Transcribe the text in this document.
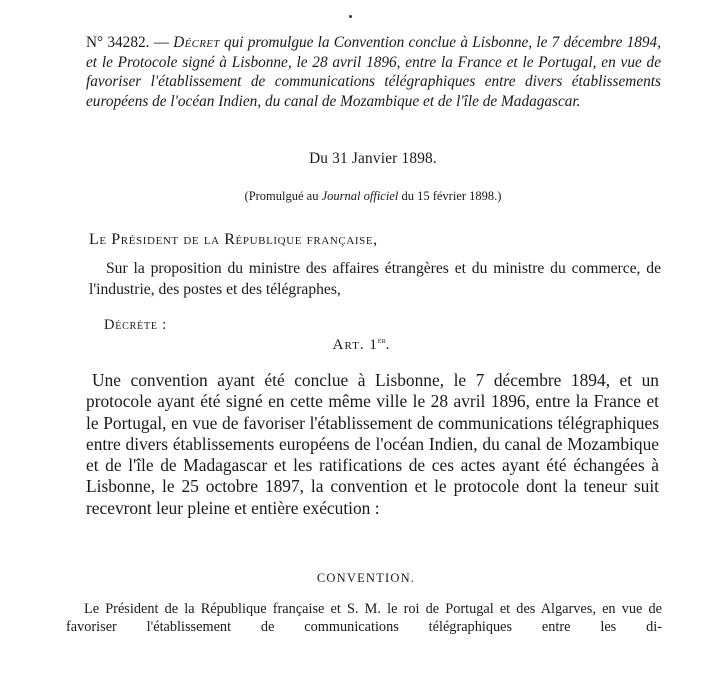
N° 34282. — Décret qui promulgue la Convention conclue à Lisbonne, le 7 décembre 1894, et le Protocole signé à Lisbonne, le 28 avril 1896, entre la France et le Portugal, en vue de favoriser l'établissement de communications télégraphiques entre divers établissements européens de l'océan Indien, du canal de Mozambique et de l'île de Madagascar.
Du 31 Janvier 1898.
(Promulgué au Journal officiel du 15 février 1898.)
Le Président de la République française,
Sur la proposition du ministre des affaires étrangères et du ministre du commerce, de l'industrie, des postes et des télégraphes,
Décrète :
Art. 1er.
Une convention ayant été conclue à Lisbonne, le 7 décembre 1894, et un protocole ayant été signé en cette même ville le 28 avril 1896, entre la France et le Portugal, en vue de favoriser l'établissement de communications télégraphiques entre divers établissements européens de l'océan Indien, du canal de Mozambique et de l'île de Madagascar et les ratifications de ces actes ayant été échangées à Lisbonne, le 25 octobre 1897, la convention et le protocole dont la teneur suit recevront leur pleine et entière exécution :
CONVENTION.
Le Président de la République française et S. M. le roi de Portugal et des Algarves, en vue de favoriser l'établissement de communications télégraphiques entre les di-
